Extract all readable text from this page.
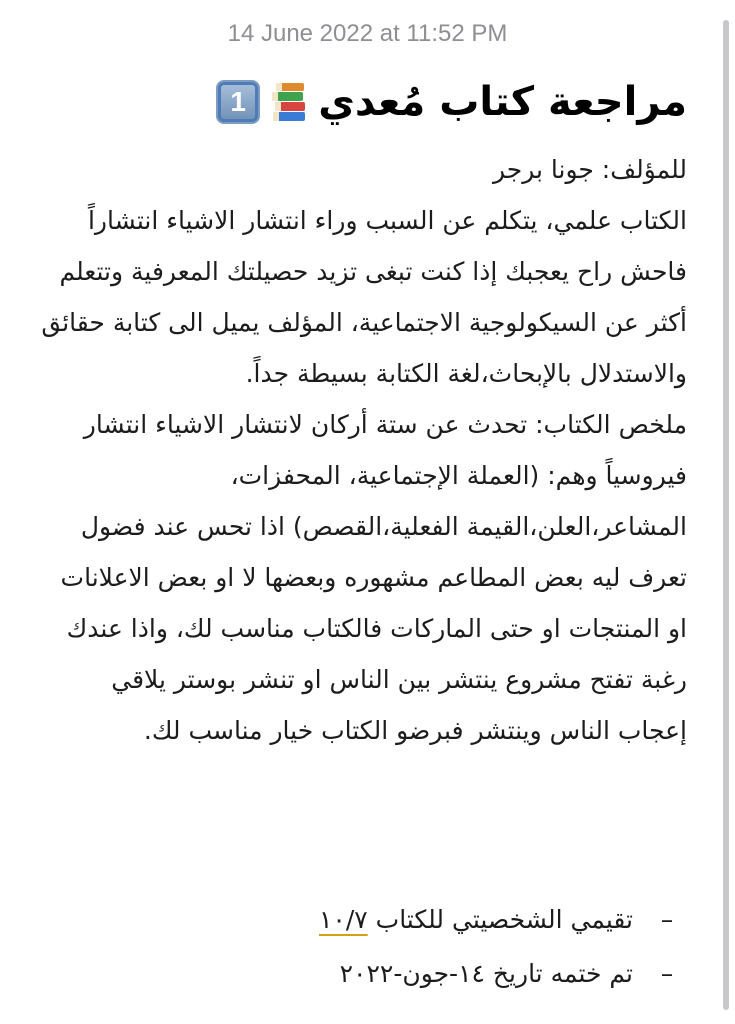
14 June 2022 at 11:52 PM
مراجعة كتاب مُعدي
1

للمؤلف: جونا برجر

الكتاب علمي، يتكلم عن السبب وراء انتشار الاشياء انتشاراً فاحش راح يعجبك إذا كنت تبغى تزيد حصيلتك المعرفية وتتعلم أكثر عن السيكولوجية الاجتماعية، المؤلف يميل الى كتابة حقائق والاستدلال بالإبحاث،لغة الكتابة بسيطة جداً.

ملخص الكتاب: تحدث عن ستة أركان لانتشار الاشياء انتشار فيروسياً وهم: (العملة الإجتماعية، المحفزات، المشاعر،العلن،القيمة الفعلية،القصص) اذا تحس عند فضول تعرف ليه بعض المطاعم مشهوره وبعضها لا او بعض الاعلانات او المنتجات او حتى الماركات فالكتاب مناسب لك، واذا عندك رغبة تفتح مشروع ينتشر بين الناس او تنشر بوستر يلاقي إعجاب الناس وينتشر فبرضو الكتاب خيار مناسب لك.

–
تقيمي الشخصيتي للكتاب ١٠/٧
–
تم ختمه تاريخ ١٤-جون-٢٠٢٢
